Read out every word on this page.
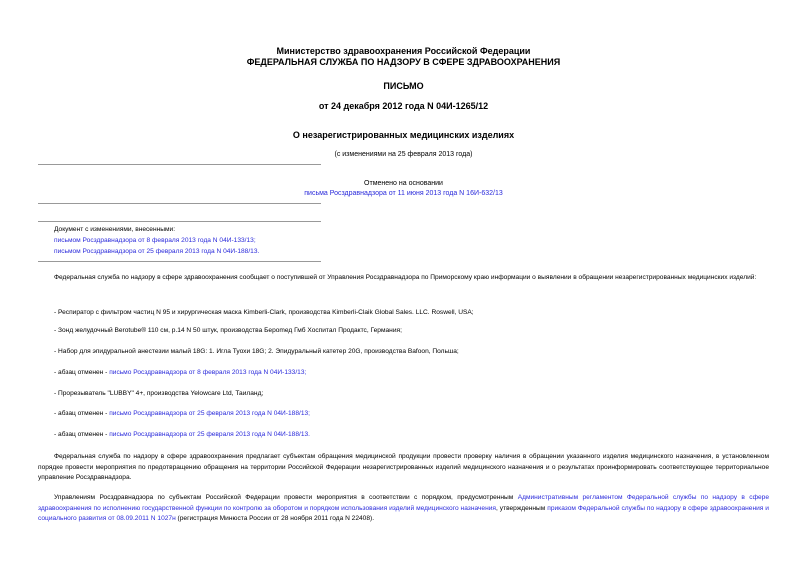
Министерство здравоохранения Российской Федерации
ФЕДЕРАЛЬНАЯ СЛУЖБА ПО НАДЗОРУ В СФЕРЕ ЗДРАВООХРАНЕНИЯ
ПИСЬМО
от 24 декабря 2012 года N 04И-1265/12
О незарегистрированных медицинских изделиях
(с изменениями на 25 февраля 2013 года)
Отменено на основании
письма Росздравнадзора от 11 июня 2013 года N 16И-632/13
Документ с изменениями, внесенными:
письмом Росздравнадзора от 8 февраля 2013 года N 04И-133/13;
письмом Росздравнадзора от 25 февраля 2013 года N 04И-188/13.
Федеральная служба по надзору в сфере здравоохранения сообщает о поступившей от Управления Росздравнадзора по Приморскому краю информации о выявлении в обращении незарегистрированных медицинских изделий:
- Респиратор с фильтром частиц N 95 и хирургическая маска Kimberli-Clark, производства Kimberli-Claik Global Sales. LLC. Roswell, USA;
- Зонд желудочный Berotube® 110 см, р.14 N 50 штук, производства Бероmед Гмб Хоспитал Продактс, Германия;
- Набор для эпидуральной анестезии малый 18G: 1. Игла Туохи 18G; 2. Эпидуральный катетер 20G, производства Bafoon, Польша;
- абзац отменен - письмо Росздравнадзора от 8 февраля 2013 года N 04И-133/13;
- Прорезыватель "LUBBY" 4+, производства Yelowcare Ltd, Таиланд;
- абзац отменен - письмо Росздравнадзора от 25 февраля 2013 года N 04И-188/13;
- абзац отменен - письмо Росздравнадзора от 25 февраля 2013 года N 04И-188/13.
Федеральная служба по надзору в сфере здравоохранения предлагает субъектам обращения медицинской продукции провести проверку наличия в обращении указанного изделия медицинского назначения, в установленном порядке провести мероприятия по предотвращению обращения на территории Российской Федерации незарегистрированных изделий медицинского назначения и о результатах проинформировать соответствующее территориальное управление Росздравнадзора.
Управлениям Росздравнадзора по субъектам Российской Федерации провести мероприятия в соответствии с порядком, предусмотренным Административным регламентом Федеральной службы по надзору в сфере здравоохранения по исполнению государственной функции по контролю за оборотом и порядком использования изделий медицинского назначения, утвержденным приказом Федеральной службы по надзору в сфере здравоохранения и социального развития от 08.09.2011 N 1027н (регистрация Минюста России от 28 ноября 2011 года N 22408).
